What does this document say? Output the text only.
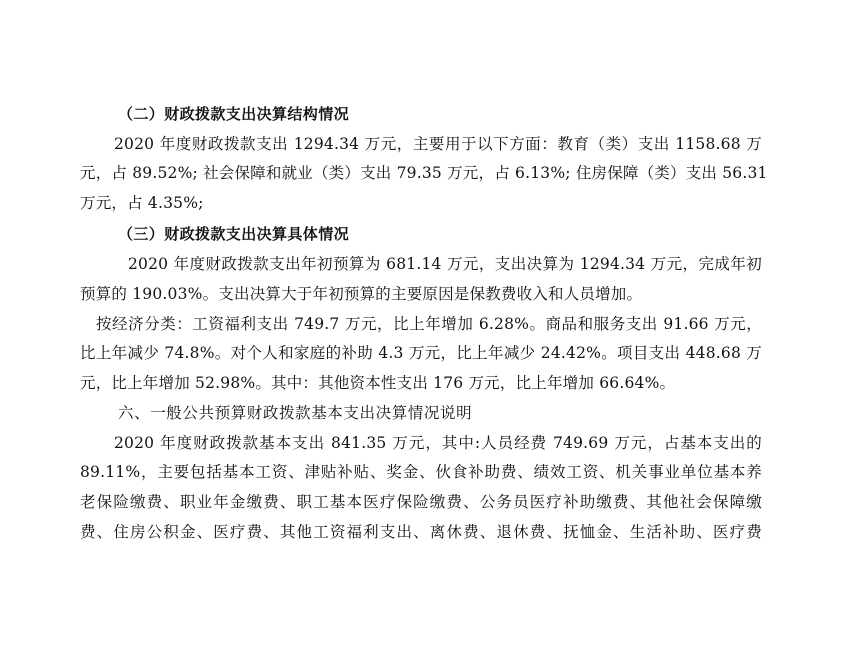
（二）财政拨款支出决算结构情况
2020 年度财政拨款支出 1294.34 万元，主要用于以下方面：教育（类）支出 1158.68 万
元，占 89.52%; 社会保障和就业（类）支出 79.35 万元，占 6.13%; 住房保障（类）支出 56.31
万元，占 4.35%;
（三）财政拨款支出决算具体情况
2020 年度财政拨款支出年初预算为 681.14 万元，支出决算为 1294.34 万元，完成年初
预算的 190.03%。支出决算大于年初预算的主要原因是保教费收入和人员增加。
按经济分类：工资福利支出 749.7 万元，比上年增加 6.28%。商品和服务支出 91.66 万元，
比上年减少 74.8%。对个人和家庭的补助 4.3 万元，比上年减少 24.42%。项目支出 448.68 万
元，比上年增加 52.98%。其中：其他资本性支出 176 万元，比上年增加 66.64%。
六、一般公共预算财政拨款基本支出决算情况说明
2020 年度财政拨款基本支出 841.35 万元，其中:人员经费 749.69 万元，占基本支出的
89.11%，主要包括基本工资、津贴补贴、奖金、伙食补助费、绩效工资、机关事业单位基本养
老保险缴费、职业年金缴费、职工基本医疗保险缴费、公务员医疗补助缴费、其他社会保障缴
费、住房公积金、医疗费、其他工资福利支出、离休费、退休费、抚恤金、生活补助、医疗费
